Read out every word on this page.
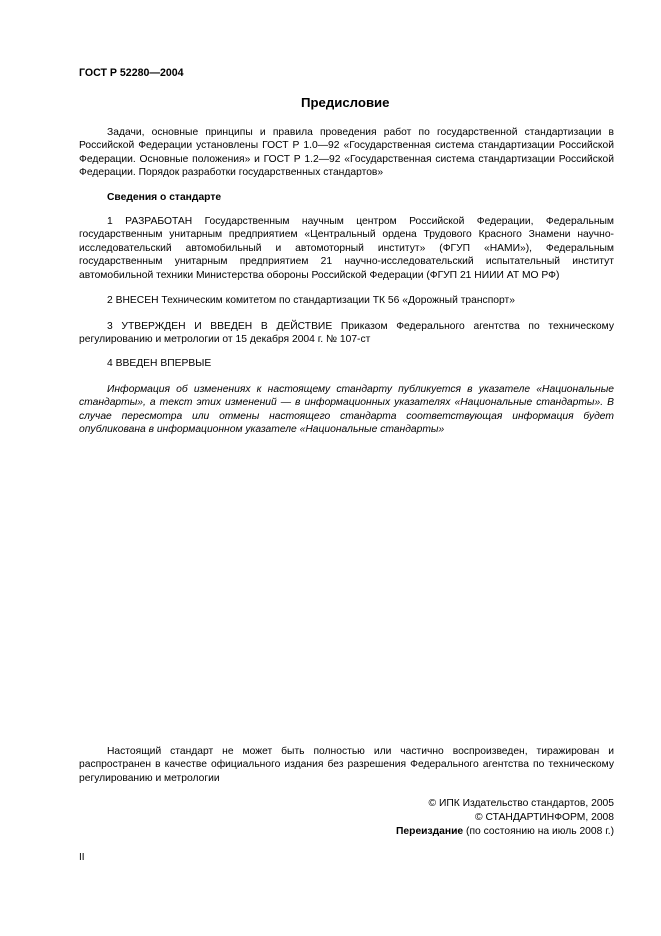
ГОСТ Р 52280—2004
Предисловие

Задачи, основные принципы и правила проведения работ по государственной стандартизации в Российской Федерации установлены ГОСТ Р 1.0—92 «Государственная система стандартизации Российской Федерации. Основные положения» и ГОСТ Р 1.2—92 «Государственная система стандартизации Российской Федерации. Порядок разработки государственных стандартов»

Сведения о стандарте

1 РАЗРАБОТАН Государственным научным центром Российской Федерации, Федеральным государственным унитарным предприятием «Центральный ордена Трудового Красного Знамени научно-исследовательский автомобильный и автомоторный институт» (ФГУП «НАМИ»), Федеральным государственным унитарным предприятием 21 научно-исследовательский испытательный институт автомобильной техники Министерства обороны Российской Федерации (ФГУП 21 НИИИ АТ МО РФ)

2 ВНЕСЕН Техническим комитетом по стандартизации ТК 56 «Дорожный транспорт»

3 УТВЕРЖДЕН И ВВЕДЕН В ДЕЙСТВИЕ Приказом Федерального агентства по техническому регулированию и метрологии от 15 декабря 2004 г. № 107-ст

4 ВВЕДЕН ВПЕРВЫЕ

Информация об изменениях к настоящему стандарту публикуется в указателе «Национальные стандарты», а текст этих изменений — в информационных указателях «Национальные стандарты». В случае пересмотра или отмены настоящего стандарта соответствующая информация будет опубликована в информационном указателе «Национальные стандарты»

Настоящий стандарт не может быть полностью или частично воспроизведен, тиражирован и распространен в качестве официального издания без разрешения Федерального агентства по техническому регулированию и метрологии

© ИПК Издательство стандартов, 2005
© СТАНДАРТИНФОРМ, 2008
Переиздание (по состоянию на июль 2008 г.)
II
